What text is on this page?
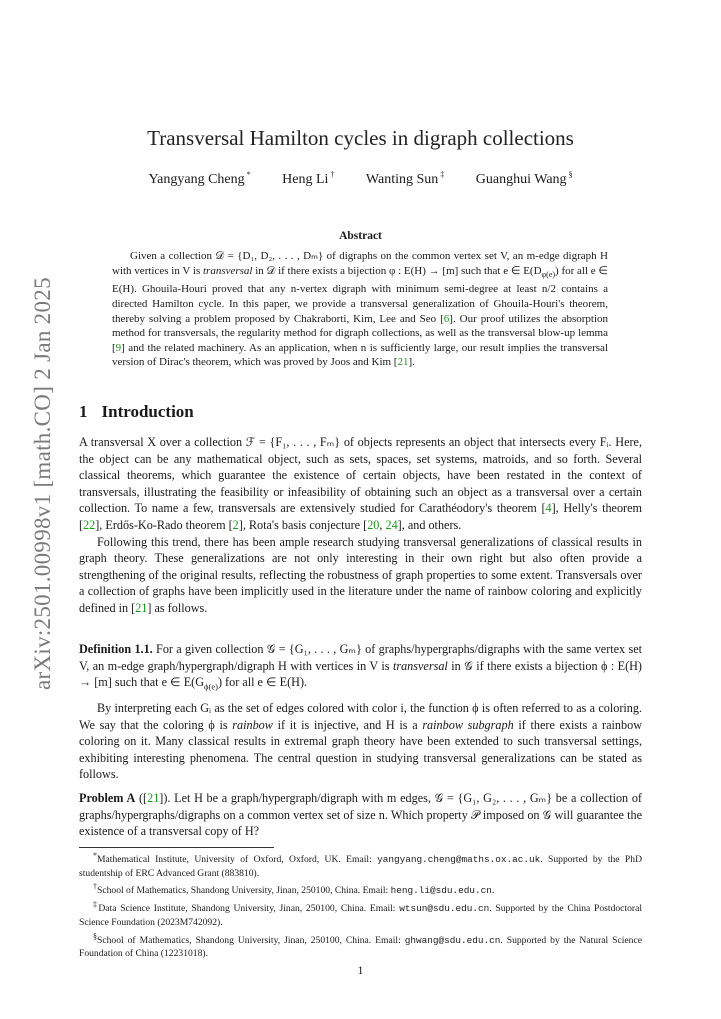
arXiv:2501.00998v1 [math.CO] 2 Jan 2025
Transversal Hamilton cycles in digraph collections
Yangyang Cheng * Heng Li † Wanting Sun ‡ Guanghui Wang §
Abstract

Given a collection 𝒟 = {D₁, D₂, . . . , Dₘ} of digraphs on the common vertex set V, an m-edge digraph H with vertices in V is transversal in 𝒟 if there exists a bijection φ : E(H) → [m] such that e ∈ $E(D_{\varphi(e)})$ for all e ∈ E(H). Ghouila-Houri proved that any n-vertex digraph with minimum semi-degree at least n/2 contains a directed Hamilton cycle. In this paper, we provide a transversal generalization of Ghouila-Houri's theorem, thereby solving a problem proposed by Chakraborti, Kim, Lee and Seo [6]. Our proof utilizes the absorption method for transversals, the regularity method for digraph collections, as well as the transversal blow-up lemma [9] and the related machinery. As an application, when n is sufficiently large, our result implies the transversal version of Dirac's theorem, which was proved by Joos and Kim [21].

1 Introduction

A transversal X over a collection ℱ = {F₁, . . . , Fₘ} of objects represents an object that intersects every Fᵢ. Here, the object can be any mathematical object, such as sets, spaces, set systems, matroids, and so forth. Several classical theorems, which guarantee the existence of certain objects, have been restated in the context of transversals, illustrating the feasibility or infeasibility of obtaining such an object as a transversal over a certain collection. To name a few, transversals are extensively studied for Carathéodory's theorem [4], Helly's theorem [22], Erdős-Ko-Rado theorem [2], Rota's basis conjecture [20, 24], and others.

Following this trend, there has been ample research studying transversal generalizations of classical results in graph theory. These generalizations are not only interesting in their own right but also often provide a strengthening of the original results, reflecting the robustness of graph properties to some extent. Transversals over a collection of graphs have been implicitly used in the literature under the name of rainbow coloring and explicitly defined in [21] as follows.

Definition 1.1. For a given collection 𝒢 = {G₁, . . . , Gₘ} of graphs/hypergraphs/digraphs with the same vertex set V, an m-edge graph/hypergraph/digraph H with vertices in V is transversal in 𝒢 if there exists a bijection ϕ : E(H) → [m] such that e ∈ $E(G_{\phi(e)})$ for all e ∈ E(H).

By interpreting each Gᵢ as the set of edges colored with color i, the function ϕ is often referred to as a coloring. We say that the coloring ϕ is rainbow if it is injective, and H is a rainbow subgraph if there exists a rainbow coloring on it. Many classical results in extremal graph theory have been extended to such transversal settings, exhibiting interesting phenomena. The central question in studying transversal generalizations can be stated as follows.

Problem A ([21]). Let H be a graph/hypergraph/digraph with m edges, 𝒢 = {G₁, G₂, . . . , Gₘ} be a collection of graphs/hypergraphs/digraphs on a common vertex set of size n. Which property 𝒫 imposed on 𝒢 will guarantee the existence of a transversal copy of H?

*Mathematical Institute, University of Oxford, Oxford, UK. Email: yangyang.cheng@maths.ox.ac.uk. Supported by the PhD studentship of ERC Advanced Grant (883810).

†School of Mathematics, Shandong University, Jinan, 250100, China. Email: heng.li@sdu.edu.cn.

‡Data Science Institute, Shandong University, Jinan, 250100, China. Email: wtsun@sdu.edu.cn. Supported by the China Postdoctoral Science Foundation (2023M742092).

§School of Mathematics, Shandong University, Jinan, 250100, China. Email: ghwang@sdu.edu.cn. Supported by the Natural Science Foundation of China (12231018).

1
